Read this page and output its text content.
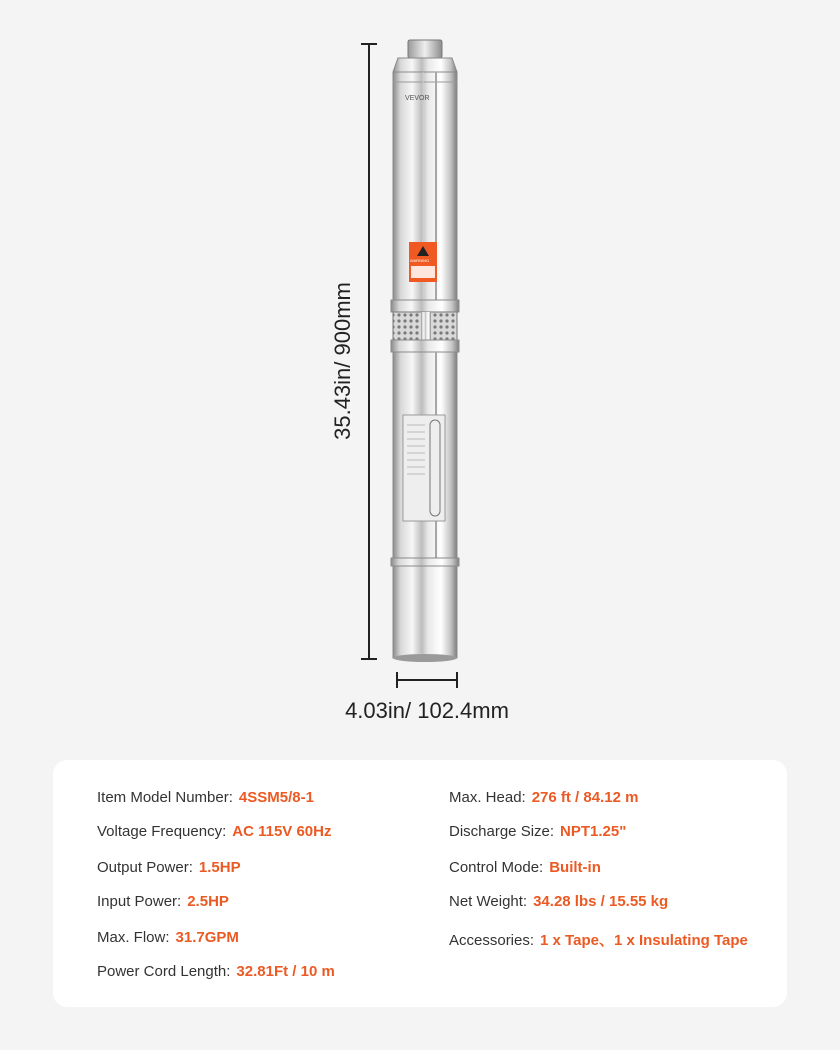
VEVOR
WARNING
35.43in/ 900mm
4.03in/ 102.4mm
Item Model Number: 4SSM5/8-1
Voltage Frequency: AC 115V 60Hz
Output Power: 1.5HP
Input Power: 2.5HP
Max. Flow: 31.7GPM
Power Cord Length: 32.81Ft / 10 m
Max. Head: 276 ft / 84.12 m
Discharge Size: NPT1.25"
Control Mode: Built-in
Net Weight: 34.28 lbs / 15.55 kg
Accessories: 1 x Tape、1 x Insulating Tape
